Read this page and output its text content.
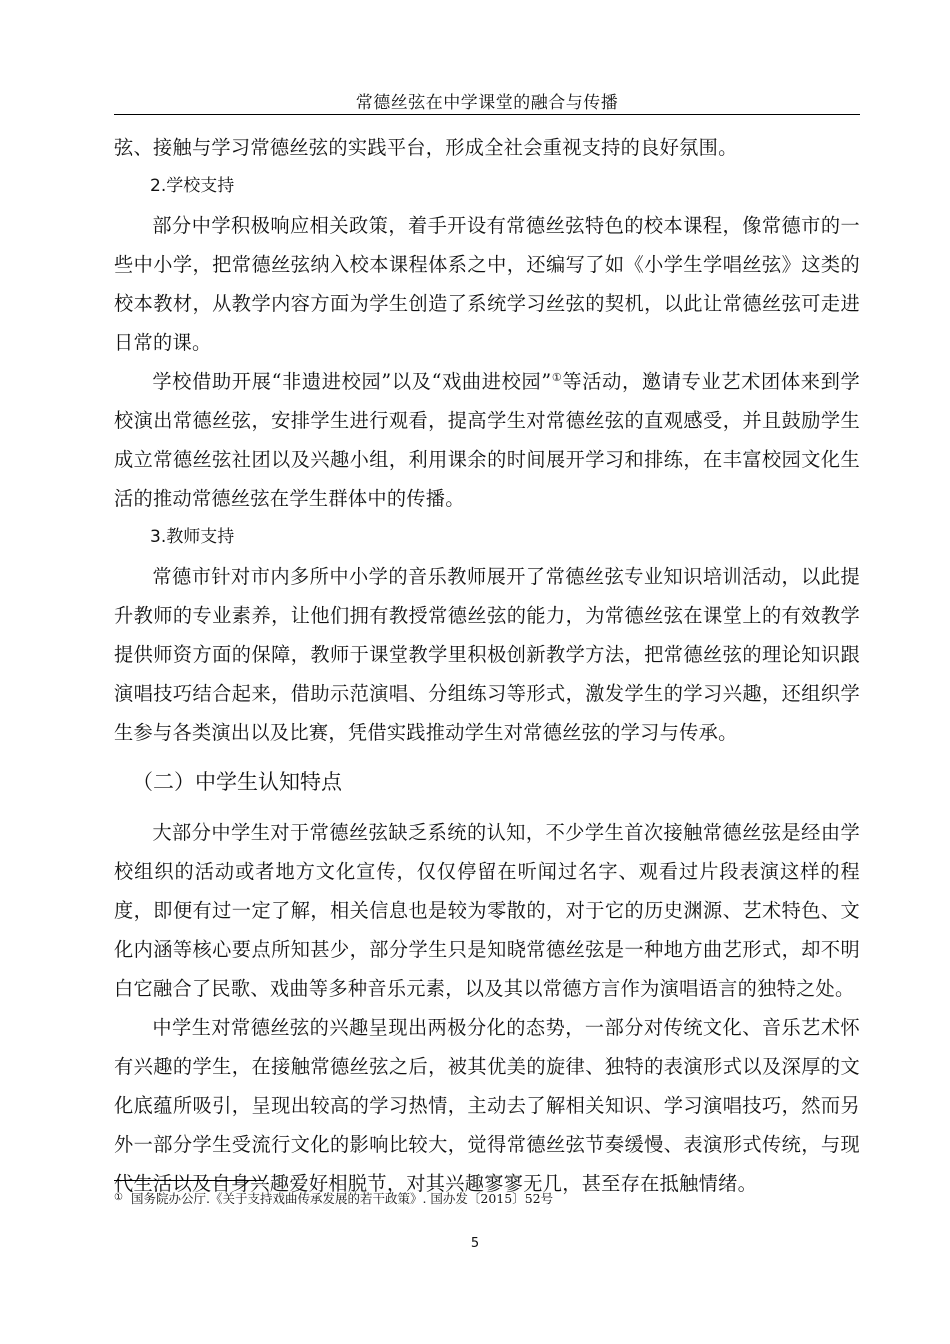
常德丝弦在中学课堂的融合与传播

弦、接触与学习常德丝弦的实践平台，形成全社会重视支持的良好氛围。

2.学校支持

部分中学积极响应相关政策，着手开设有常德丝弦特色的校本课程，像常德市的一些中小学，把常德丝弦纳入校本课程体系之中，还编写了如《小学生学唱丝弦》这类的校本教材，从教学内容方面为学生创造了系统学习丝弦的契机，以此让常德丝弦可走进日常的课。

学校借助开展“非遗进校园”以及“戏曲进校园”①等活动，邀请专业艺术团体来到学校演出常德丝弦，安排学生进行观看，提高学生对常德丝弦的直观感受，并且鼓励学生成立常德丝弦社团以及兴趣小组，利用课余的时间展开学习和排练，在丰富校园文化生活的推动常德丝弦在学生群体中的传播。

3.教师支持

常德市针对市内多所中小学的音乐教师展开了常德丝弦专业知识培训活动，以此提升教师的专业素养，让他们拥有教授常德丝弦的能力，为常德丝弦在课堂上的有效教学提供师资方面的保障，教师于课堂教学里积极创新教学方法，把常德丝弦的理论知识跟演唱技巧结合起来，借助示范演唱、分组练习等形式，激发学生的学习兴趣，还组织学生参与各类演出以及比赛，凭借实践推动学生对常德丝弦的学习与传承。

（二）中学生认知特点

大部分中学生对于常德丝弦缺乏系统的认知，不少学生首次接触常德丝弦是经由学校组织的活动或者地方文化宣传，仅仅停留在听闻过名字、观看过片段表演这样的程度，即便有过一定了解，相关信息也是较为零散的，对于它的历史渊源、艺术特色、文化内涵等核心要点所知甚少，部分学生只是知晓常德丝弦是一种地方曲艺形式，却不明白它融合了民歌、戏曲等多种音乐元素，以及其以常德方言作为演唱语言的独特之处。

中学生对常德丝弦的兴趣呈现出两极分化的态势，一部分对传统文化、音乐艺术怀有兴趣的学生，在接触常德丝弦之后，被其优美的旋律、独特的表演形式以及深厚的文化底蕴所吸引，呈现出较高的学习热情，主动去了解相关知识、学习演唱技巧，然而另外一部分学生受流行文化的影响比较大，觉得常德丝弦节奏缓慢、表演形式传统，与现代生活以及自身兴趣爱好相脱节，对其兴趣寥寥无几，甚至存在抵触情绪。

① 国务院办公厅.《关于支持戏曲传承发展的若干政策》. 国办发〔2015〕52号
5
